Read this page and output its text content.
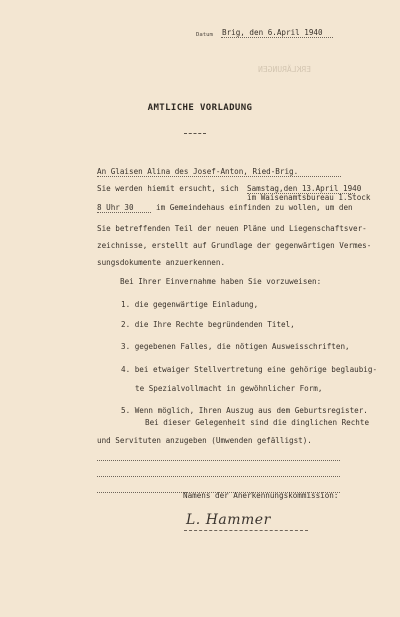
ERKLÄRUNGEN
Datum Brig, den 6.April 1940
AMTLICHE VORLADUNG
An Glaisen Alina des Josef-Anton, Ried-Brig.
Sie werden hiemit ersucht, sich Samstag,den 13.April 1940
im Waisenamtsbureau 1.Stock
8 Uhr 30	im Gemeindehaus einfinden zu wollen, um den
Sie betreffenden Teil der neuen Pläne und Liegenschaftsver-
zeichnisse, erstellt auf Grundlage der gegenwärtigen Vermes-
sungsdokumente anzuerkennen.
Bei Ihrer Einvernahme haben Sie vorzuweisen:
1. die gegenwärtige Einladung,
2. die Ihre Rechte begründenden Titel,
3. gegebenen Falles, die nötigen Ausweisschriften,
4. bei etwaiger Stellvertretung eine gehörige beglaubig-
te Spezialvollmacht in gewöhnlicher Form,
5. Wenn möglich, Ihren Auszug aus dem Geburtsregister.
Bei dieser Gelegenheit sind die dinglichen Rechte
und Servituten anzugeben (Umwenden gefälligst).
Namens der Anerkennungskommission:
L. Hammer
